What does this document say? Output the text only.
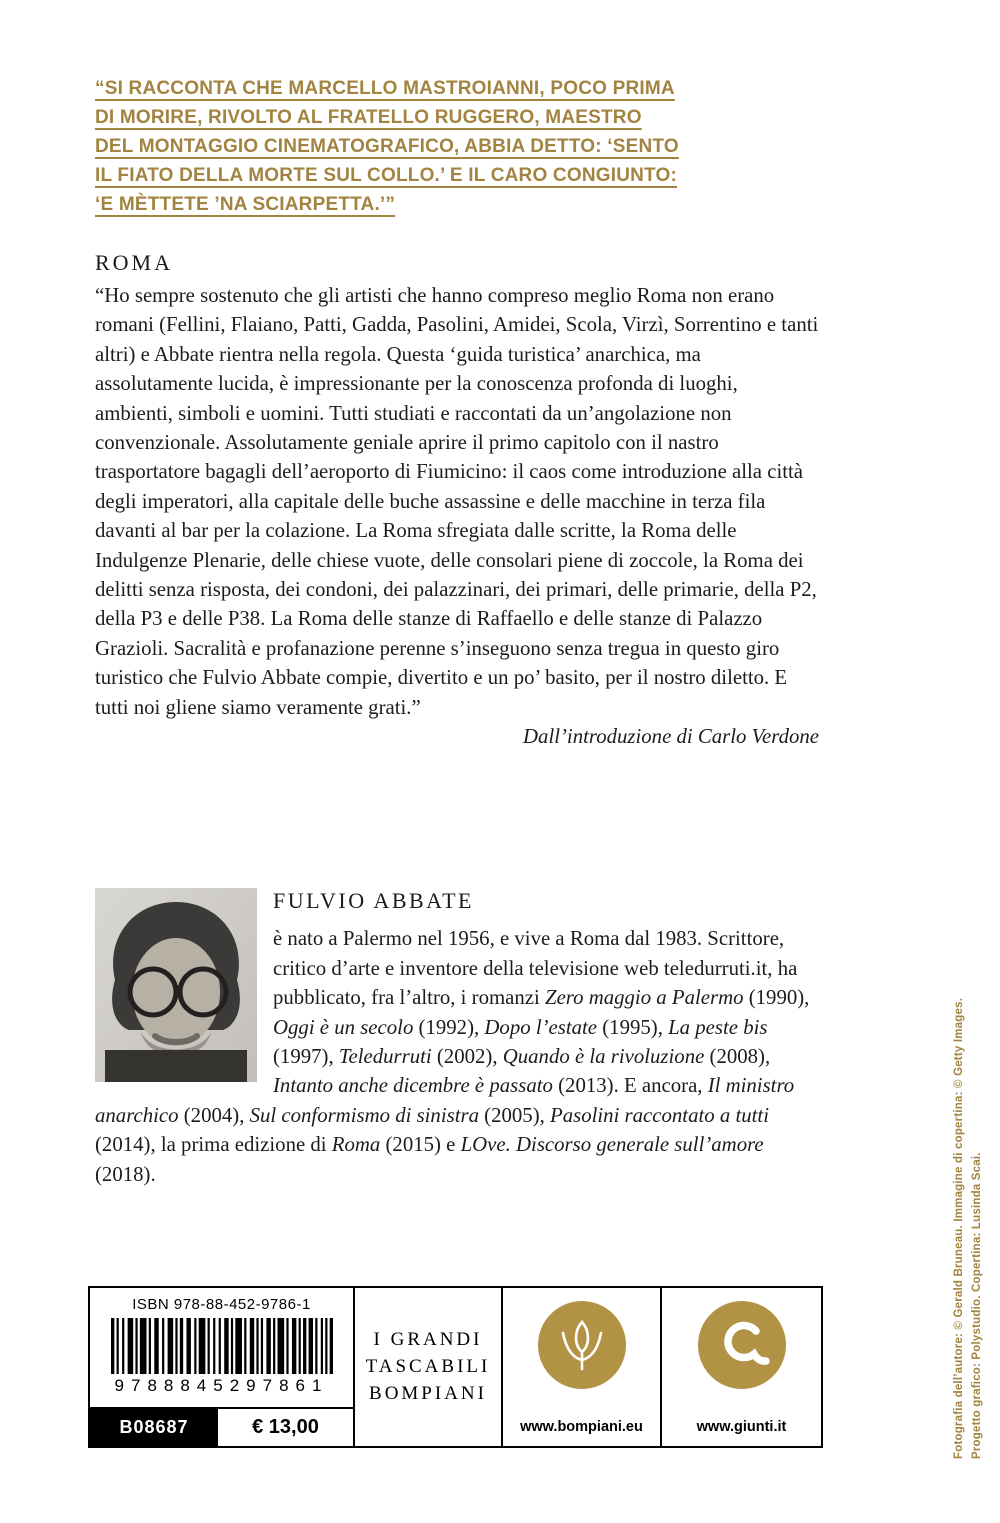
“SI RACCONTA CHE MARCELLO MASTROIANNI, POCO PRIMA
DI MORIRE, RIVOLTO AL FRATELLO RUGGERO, MAESTRO
DEL MONTAGGIO CINEMATOGRAFICO, ABBIA DETTO: ‘SENTO
IL FIATO DELLA MORTE SUL COLLO.’ E IL CARO CONGIUNTO:
‘E MÈTTETE ’NA SCIARPETTA.’”
ROMA
“Ho sempre sostenuto che gli artisti che hanno compreso meglio Roma non erano romani (Fellini, Flaiano, Patti, Gadda, Pasolini, Amidei, Scola, Virzì, Sorrentino e tanti altri) e Abbate rientra nella regola. Questa ‘guida turistica’ anarchica, ma assolutamente lucida, è impressionante per la conoscenza profonda di luoghi, ambienti, simboli e uomini. Tutti studiati e raccontati da un’angolazione non convenzionale. Assolutamente geniale aprire il primo capitolo con il nastro trasportatore bagagli dell’aeroporto di Fiumicino: il caos come introduzione alla città degli imperatori, alla capitale delle buche assassine e delle macchine in terza fila davanti al bar per la colazione. La Roma sfregiata dalle scritte, la Roma delle Indulgenze Plenarie, delle chiese vuote, delle consolari piene di zoccole, la Roma dei delitti senza risposta, dei condoni, dei palazzinari, dei primari, delle primarie, della P2, della P3 e delle P38. La Roma delle stanze di Raffaello e delle stanze di Palazzo Grazioli. Sacralità e profanazione perenne s’inseguono senza tregua in questo giro turistico che Fulvio Abbate compie, divertito e un po’ basito, per il nostro diletto. E tutti noi gliene siamo veramente grati.”
Dall’introduzione di Carlo Verdone
FULVIO ABBATE
è nato a Palermo nel 1956, e vive a Roma dal 1983. Scrittore, critico d’arte e inventore della televisione web teledurruti.it, ha pubblicato, fra l’altro, i romanzi Zero maggio a Palermo (1990), Oggi è un secolo (1992), Dopo l’estate (1995), La peste bis (1997), Teledurruti (2002), Quando è la rivoluzione (2008), Intanto anche dicembre è passato (2013). E ancora, Il ministro anarchico (2004), Sul conformismo di sinistra (2005), Pasolini raccontato a tutti (2014), la prima edizione di Roma (2015) e LOve. Discorso generale sull’amore (2018).
ISBN 978-88-452-9786-1
9788845297861
B08687	€ 13,00
I GRANDI
TASCABILI
BOMPIANI
www.bompiani.eu	www.giunti.it	Fotografia dell’autore: © Gerald Bruneau. Immagine di copertina: © Getty Images. Progetto grafico: Polystudio. Copertina: Lusinda Scai.
